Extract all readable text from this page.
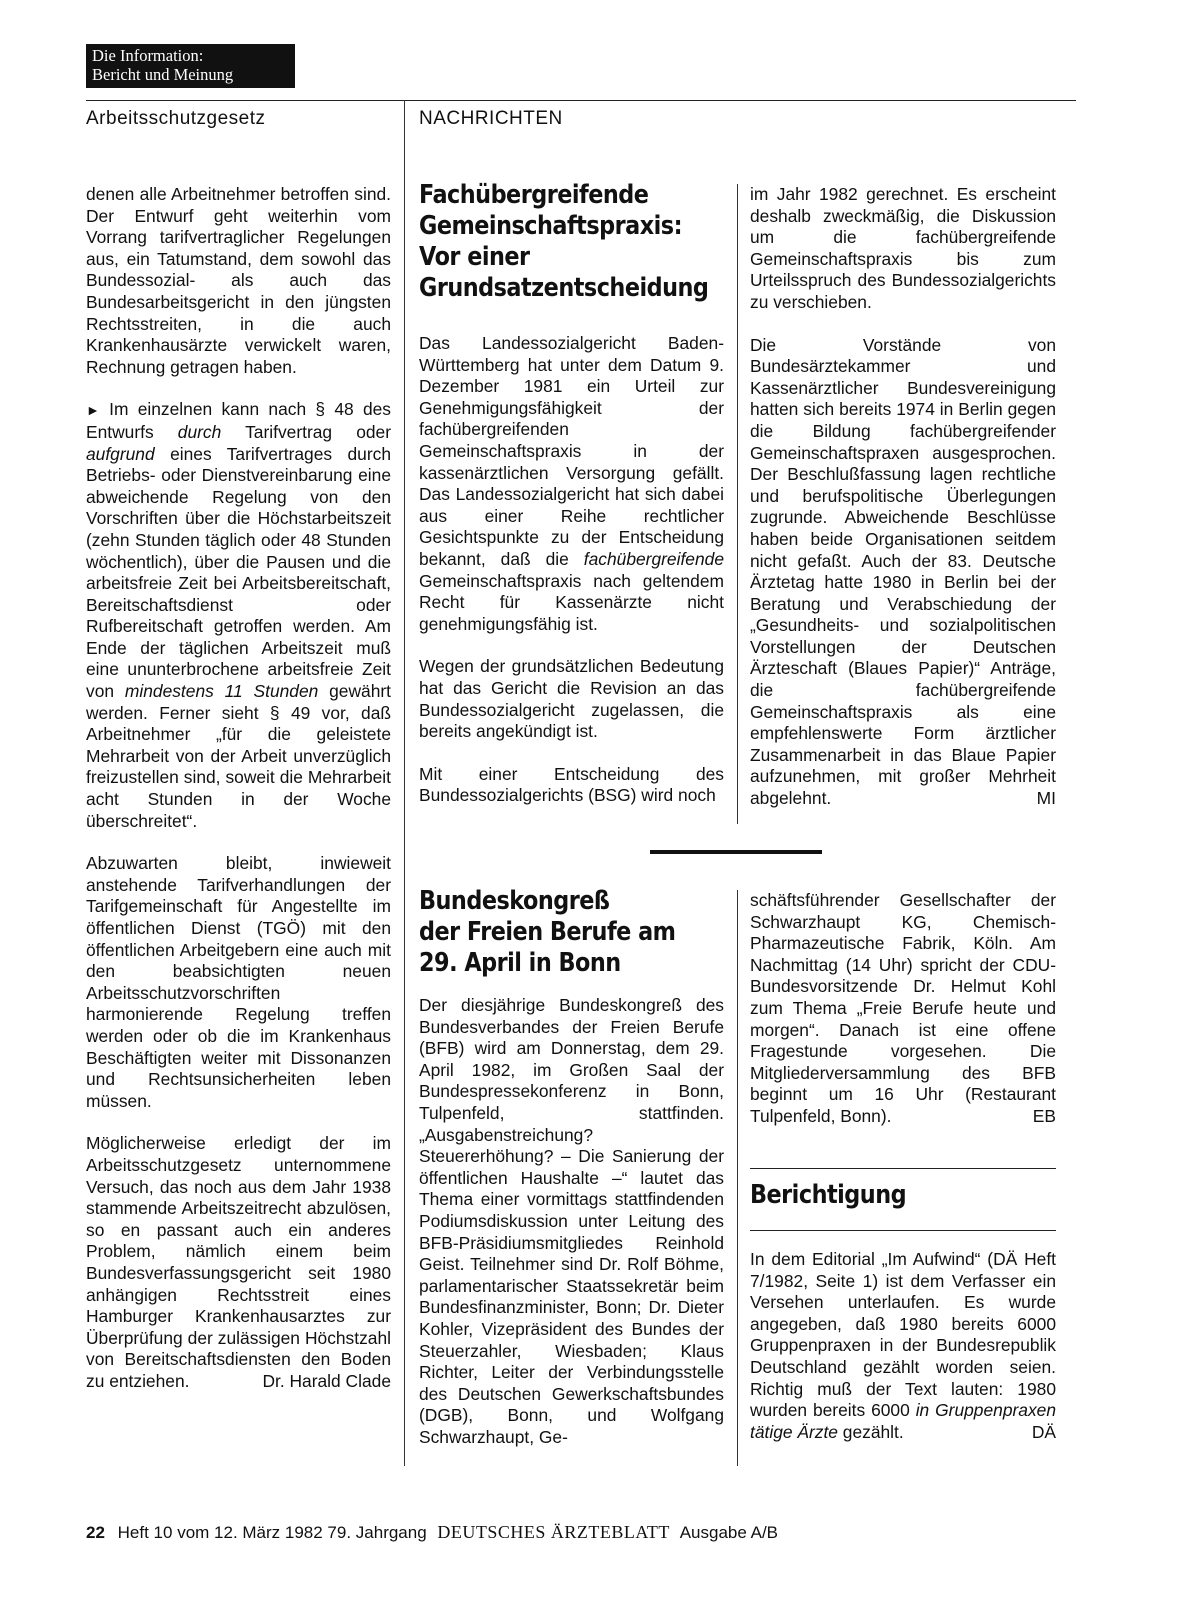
Die Information:
Bericht und Meinung
Arbeitsschutzgesetz	NACHRICHTEN

denen alle Arbeitnehmer betroffen sind. Der Entwurf geht weiterhin vom Vorrang tarifvertraglicher Regelungen aus, ein Tatumstand, dem sowohl das Bundessozial- als auch das Bundesarbeitsgericht in den jüngsten Rechtsstreiten, in die auch Krankenhausärzte verwickelt waren, Rechnung getragen haben.

► Im einzelnen kann nach § 48 des Entwurfs durch Tarifvertrag oder aufgrund eines Tarifvertrages durch Betriebs- oder Dienstvereinbarung eine abweichende Regelung von den Vorschriften über die Höchstarbeitszeit (zehn Stunden täglich oder 48 Stunden wöchentlich), über die Pausen und die arbeitsfreie Zeit bei Arbeitsbereitschaft, Bereitschaftsdienst oder Rufbereitschaft getroffen werden. Am Ende der täglichen Arbeitszeit muß eine ununterbrochene arbeitsfreie Zeit von mindestens 11 Stunden gewährt werden. Ferner sieht § 49 vor, daß Arbeitnehmer „für die geleistete Mehrarbeit von der Arbeit unverzüglich freizustellen sind, soweit die Mehrarbeit acht Stunden in der Woche überschreitet“.

Abzuwarten bleibt, inwieweit anstehende Tarifverhandlungen der Tarifgemeinschaft für Angestellte im öffentlichen Dienst (TGÖ) mit den öffentlichen Arbeitgebern eine auch mit den beabsichtigten neuen Arbeitsschutzvorschriften harmonierende Regelung treffen werden oder ob die im Krankenhaus Beschäftigten weiter mit Dissonanzen und Rechtsunsicherheiten leben müssen.

Möglicherweise erledigt der im Arbeitsschutzgesetz unternommene Versuch, das noch aus dem Jahr 1938 stammende Arbeitszeitrecht abzulösen, so en passant auch ein anderes Problem, nämlich einem beim Bundesverfassungsgericht seit 1980 anhängigen Rechtsstreit eines Hamburger Krankenhausarztes zur Überprüfung der zulässigen Höchstzahl von Bereitschaftsdiensten den Boden zu entziehen.	Dr. Harald Clade

Fachübergreifende
Gemeinschaftspraxis:
Vor einer
Grundsatzentscheidung

Das Landessozialgericht Baden-Württemberg hat unter dem Datum 9. Dezember 1981 ein Urteil zur Genehmigungsfähigkeit der fachübergreifenden Gemeinschaftspraxis in der kassenärztlichen Versorgung gefällt. Das Landessozialgericht hat sich dabei aus einer Reihe rechtlicher Gesichtspunkte zu der Entscheidung bekannt, daß die fachübergreifende Gemeinschaftspraxis nach geltendem Recht für Kassenärzte nicht genehmigungsfähig ist.

Wegen der grundsätzlichen Bedeutung hat das Gericht die Revision an das Bundessozialgericht zugelassen, die bereits angekündigt ist.

Mit einer Entscheidung des Bundessozialgerichts (BSG) wird noch

im Jahr 1982 gerechnet. Es erscheint deshalb zweckmäßig, die Diskussion um die fachübergreifende Gemeinschaftspraxis bis zum Urteilsspruch des Bundessozialgerichts zu verschieben.

Die Vorstände von Bundesärztekammer und Kassenärztlicher Bundesvereinigung hatten sich bereits 1974 in Berlin gegen die Bildung fachübergreifender Gemeinschaftspraxen ausgesprochen. Der Beschlußfassung lagen rechtliche und berufspolitische Überlegungen zugrunde. Abweichende Beschlüsse haben beide Organisationen seitdem nicht gefaßt. Auch der 83. Deutsche Ärztetag hatte 1980 in Berlin bei der Beratung und Verabschiedung der „Gesundheits- und sozialpolitischen Vorstellungen der Deutschen Ärzteschaft (Blaues Papier)“ Anträge, die fachübergreifende Gemeinschaftspraxis als eine empfehlenswerte Form ärztlicher Zusammenarbeit in das Blaue Papier aufzunehmen, mit großer Mehrheit abgelehnt.	MI

Bundeskongreß
der Freien Berufe am
29. April in Bonn

Der diesjährige Bundeskongreß des Bundesverbandes der Freien Berufe (BFB) wird am Donnerstag, dem 29. April 1982, im Großen Saal der Bundespressekonferenz in Bonn, Tulpenfeld, stattfinden. „Ausgabenstreichung? Steuererhöhung? – Die Sanierung der öffentlichen Haushalte –“ lautet das Thema einer vormittags stattfindenden Podiumsdiskussion unter Leitung des BFB-Präsidiumsmitgliedes Reinhold Geist. Teilnehmer sind Dr. Rolf Böhme, parlamentarischer Staatssekretär beim Bundesfinanzminister, Bonn; Dr. Dieter Kohler, Vizepräsident des Bundes der Steuerzahler, Wiesbaden; Klaus Richter, Leiter der Verbindungsstelle des Deutschen Gewerkschaftsbundes (DGB), Bonn, und Wolfgang Schwarzhaupt, Ge-

schäftsführender Gesellschafter der Schwarzhaupt KG, Chemisch-Pharmazeutische Fabrik, Köln. Am Nachmittag (14 Uhr) spricht der CDU-Bundesvorsitzende Dr. Helmut Kohl zum Thema „Freie Berufe heute und morgen“. Danach ist eine offene Fragestunde vorgesehen. Die Mitgliederversammlung des BFB beginnt um 16 Uhr (Restaurant Tulpenfeld, Bonn).	EB

Berichtigung

In dem Editorial „Im Aufwind“ (DÄ Heft 7/1982, Seite 1) ist dem Verfasser ein Versehen unterlaufen. Es wurde angegeben, daß 1980 bereits 6000 Gruppenpraxen in der Bundesrepublik Deutschland gezählt worden seien. Richtig muß der Text lauten: 1980 wurden bereits 6000 in Gruppenpraxen tätige Ärzte gezählt.	DÄ

22 Heft 10 vom 12. März 1982 79. Jahrgang DEUTSCHES ÄRZTEBLATT Ausgabe A/B
